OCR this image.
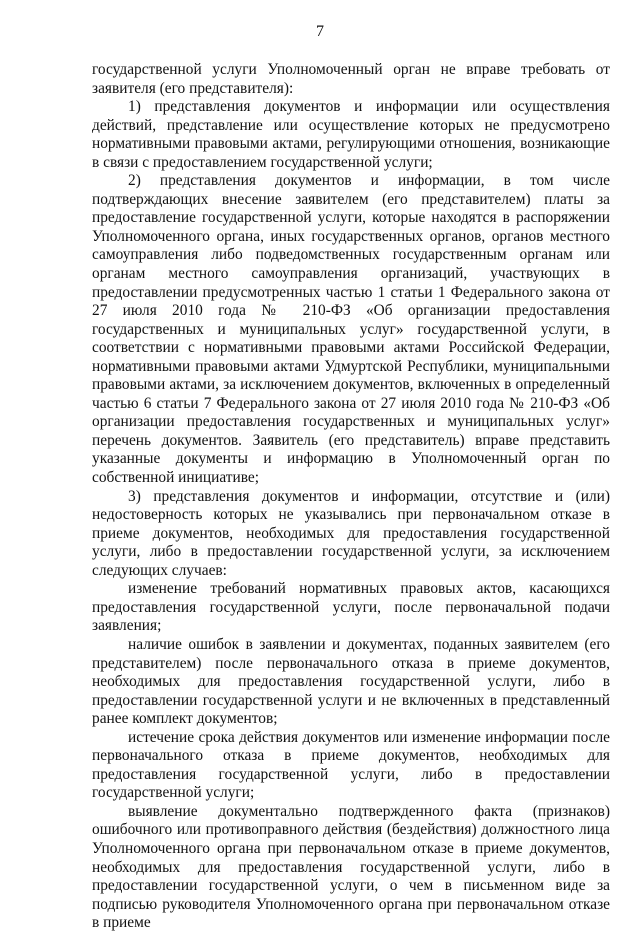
7

государственной услуги Уполномоченный орган не вправе требовать от заявителя (его представителя):

1) представления документов и информации или осуществления действий, представление или осуществление которых не предусмотрено нормативными правовыми актами, регулирующими отношения, возникающие в связи с предоставлением государственной услуги;

2) представления документов и информации, в том числе подтверждающих внесение заявителем (его представителем) платы за предоставление государственной услуги, которые находятся в распоряжении Уполномоченного органа, иных государственных органов, органов местного самоуправления либо подведомственных государственным органам или органам местного самоуправления организаций, участвующих в предоставлении предусмотренных частью 1 статьи 1 Федерального закона от 27 июля 2010 года № 210-ФЗ «Об организации предоставления государственных и муниципальных услуг» государственной услуги, в соответствии с нормативными правовыми актами Российской Федерации, нормативными правовыми актами Удмуртской Республики, муниципальными правовыми актами, за исключением документов, включенных в определенный частью 6 статьи 7 Федерального закона от 27 июля 2010 года № 210-ФЗ «Об организации предоставления государственных и муниципальных услуг» перечень документов. Заявитель (его представитель) вправе представить указанные документы и информацию в Уполномоченный орган по собственной инициативе;

3) представления документов и информации, отсутствие и (или) недостоверность которых не указывались при первоначальном отказе в приеме документов, необходимых для предоставления государственной услуги, либо в предоставлении государственной услуги, за исключением следующих случаев:

изменение требований нормативных правовых актов, касающихся предоставления государственной услуги, после первоначальной подачи заявления;

наличие ошибок в заявлении и документах, поданных заявителем (его представителем) после первоначального отказа в приеме документов, необходимых для предоставления государственной услуги, либо в предоставлении государственной услуги и не включенных в представленный ранее комплект документов;

истечение срока действия документов или изменение информации после первоначального отказа в приеме документов, необходимых для предоставления государственной услуги, либо в предоставлении государственной услуги;

выявление документально подтвержденного факта (признаков) ошибочного или противоправного действия (бездействия) должностного лица Уполномоченного органа при первоначальном отказе в приеме документов, необходимых для предоставления государственной услуги, либо в предоставлении государственной услуги, о чем в письменном виде за подписью руководителя Уполномоченного органа при первоначальном отказе в приеме
